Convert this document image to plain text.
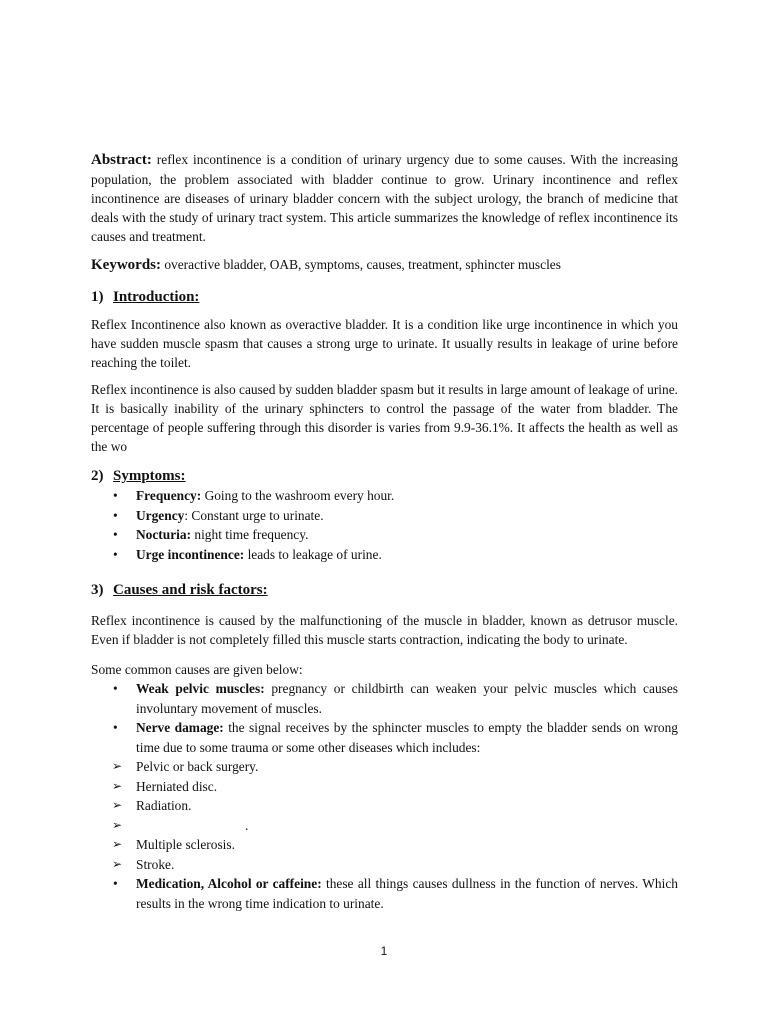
Abstract: reflex incontinence is a condition of urinary urgency due to some causes. With the increasing population, the problem associated with bladder continue to grow. Urinary incontinence and reflex incontinence are diseases of urinary bladder concern with the subject urology, the branch of medicine that deals with the study of urinary tract system. This article summarizes the knowledge of reflex incontinence its causes and treatment.

Keywords: overactive bladder, OAB, symptoms, causes, treatment, sphincter muscles

1) Introduction:

Reflex Incontinence also known as overactive bladder. It is a condition like urge incontinence in which you have sudden muscle spasm that causes a strong urge to urinate. It usually results in leakage of urine before reaching the toilet.

Reflex incontinence is also caused by sudden bladder spasm but it results in large amount of leakage of urine. It is basically inability of the urinary sphincters to control the passage of the water from bladder. The percentage of people suffering through this disorder is varies from 9.9-36.1%. It affects the health as well as the wo

2) Symptoms:
• Frequency: Going to the washroom every hour.
• Urgency: Constant urge to urinate.
• Nocturia: night time frequency.
• Urge incontinence: leads to leakage of urine.
3) Causes and risk factors:

Reflex incontinence is caused by the malfunctioning of the muscle in bladder, known as detrusor muscle. Even if bladder is not completely filled this muscle starts contraction, indicating the body to urinate.

Some common causes are given below:

• Weak pelvic muscles: pregnancy or childbirth can weaken your pelvic muscles which causes involuntary movement of muscles.
• Nerve damage: the signal receives by the sphincter muscles to empty the bladder sends on wrong time due to some trauma or some other diseases which includes:
➢ Pelvic or back surgery.
➢ Herniated disc.
➢ Radiation.
➢	.
➢ Multiple sclerosis.
➢ Stroke.
• Medication, Alcohol or caffeine: these all things causes dullness in the function of nerves. Which results in the wrong time indication to urinate.
1
